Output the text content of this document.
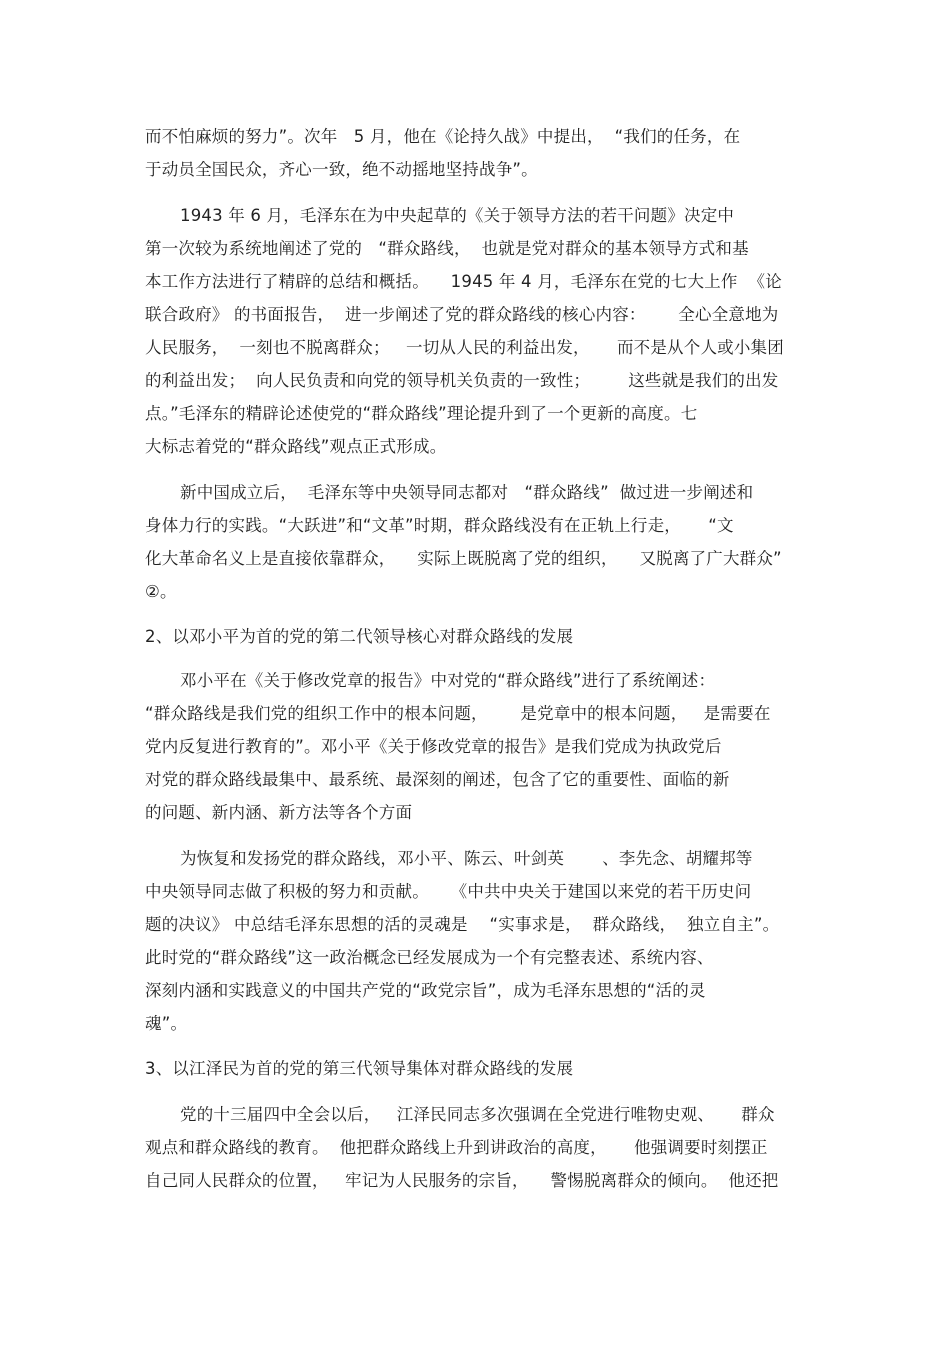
而不怕麻烦的努力”。次年   5 月，他在《论持久战》中提出，  “我们的任务，在
于动员全国民众，齐心一致，绝不动摇地坚持战争”。
1943 年 6 月，毛泽东在为中央起草的《关于领导方法的若干问题》决定中
第一次较为系统地阐述了党的   “群众路线，  也就是党对群众的基本领导方式和基
本工作方法进行了精辟的总结和概括。    1945 年 4 月，毛泽东在党的七大上作  《论
联合政府》 的书面报告，  进一步阐述了党的群众路线的核心内容：      全心全意地为
人民服务，  一刻也不脱离群众；   一切从人民的利益出发，     而不是从个人或小集团
的利益出发；  向人民负责和向党的领导机关负责的一致性；       这些就是我们的出发
点。”毛泽东的精辟论述使党的“群众路线”理论提升到了一个更新的高度。七
大标志着党的“群众路线”观点正式形成。
新中国成立后，  毛泽东等中央领导同志都对   “群众路线”  做过进一步阐述和
身体力行的实践。“大跃进”和“文革”时期，群众路线没有在正轨上行走，     “文
化大革命名义上是直接依靠群众，    实际上既脱离了党的组织，    又脱离了广大群众”
②。
2、以邓小平为首的党的第二代领导核心对群众路线的发展
邓小平在《关于修改党章的报告》中对党的“群众路线”进行了系统阐述：
“群众路线是我们党的组织工作中的根本问题，      是党章中的根本问题，   是需要在
党内反复进行教育的”。邓小平《关于修改党章的报告》是我们党成为执政党后
对党的群众路线最集中、最系统、最深刻的阐述，包含了它的重要性、面临的新
的问题、新内涵、新方法等各个方面
为恢复和发扬党的群众路线，邓小平、陈云、叶剑英       、李先念、胡耀邦等
中央领导同志做了积极的努力和贡献。    《中共中央关于建国以来党的若干历史问
题的决议》 中总结毛泽东思想的活的灵魂是    “实事求是，  群众路线，  独立自主”。
此时党的“群众路线”这一政治概念已经发展成为一个有完整表述、系统内容、
深刻内涵和实践意义的中国共产党的“政党宗旨”，成为毛泽东思想的“活的灵
魂”。
3、以江泽民为首的党的第三代领导集体对群众路线的发展
党的十三届四中全会以后，   江泽民同志多次强调在全党进行唯物史观、     群众
观点和群众路线的教育。  他把群众路线上升到讲政治的高度，     他强调要时刻摆正
自己同人民群众的位置，   牢记为人民服务的宗旨，    警惕脱离群众的倾向。  他还把
